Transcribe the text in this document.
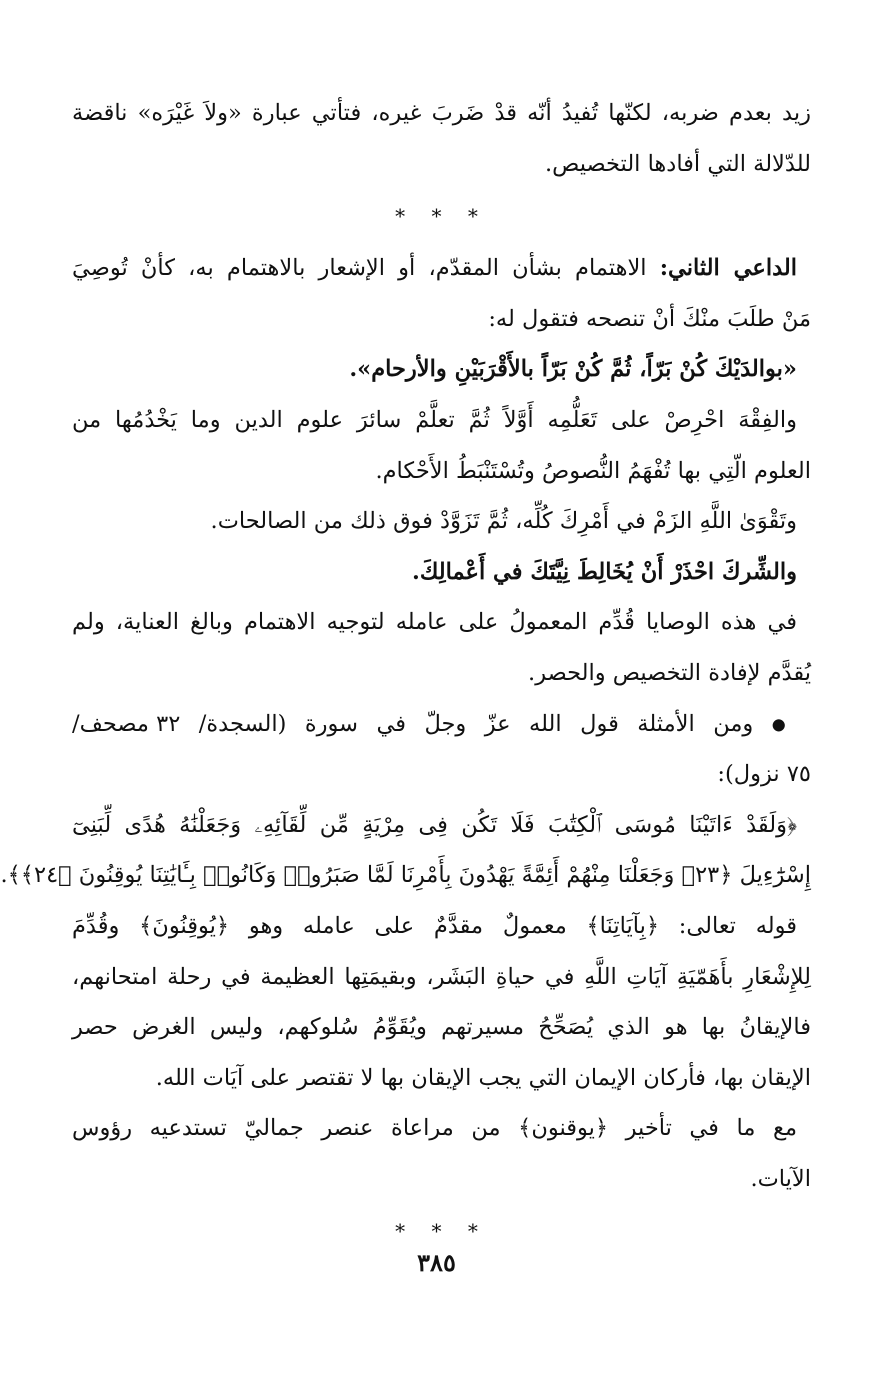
زيد بعدم ضربه، لكنّها تُفيدُ أنّه قدْ ضَربَ غيره، فتأتي عبارة «ولاَ غَيْرَه» ناقضة
للدّلالة التي أفادها التخصيص.
* * *
الداعي الثاني: الاهتمام بشأن المقدّم، أو الإشعار بالاهتمام به، كأنْ تُوصِيَ
مَنْ طلَبَ منْكَ أنْ تنصحه فتقول له:
«بوالدَيْكَ كُنْ بَرّاً، ثُمَّ كُنْ بَرّاً بالأَقْرَبَيْنِ والأرحام».
والفِقْهَ احْرِصْ على تَعَلُّمِه أَوَّلاً ثُمَّ تعلَّمْ سائرَ علوم الدين وما يَخْدُمُها من
العلوم الّتِي بها تُفْهَمُ النُّصوصُ وتُسْتَنْبَطُ الأَحْكام.
وتَقْوَىٰ اللَّهِ الزَمْ في أَمْرِكَ كُلِّه، ثُمَّ تَزَوَّدْ فوق ذلك من الصالحات.
والشِّركَ احْذَرْ أَنْ يُخَالِطَ نِيَّتَكَ في أَعْمالِكَ.
في هذه الوصايا قُدِّم المعمولُ على عامله لتوجيه الاهتمام وبالغ العناية، ولم
يُقدَّم لإفادة التخصيص والحصر.
● ومن الأمثلة قول الله عزّ وجلّ في سورة (السجدة/ ٣٢ مصحف/
٧٥ نزول):
﴿وَلَقَدْ ءَاتَيْنَا مُوسَى ٱلْكِتَٰبَ فَلَا تَكُن فِى مِرْيَةٍ مِّن لِّقَآئِهِۦ وَجَعَلْنَٰهُ هُدًى لِّبَنِىٓ
إِسْرَٰٓءِيلَ ﴿٢٣﴾ وَجَعَلْنَا مِنْهُمْ أَئِمَّةً يَهْدُونَ بِأَمْرِنَا لَمَّا صَبَرُوا۟ وَكَانُوا۟ بِـَٔايَٰتِنَا يُوقِنُونَ ﴿٢٤﴾﴾.
قوله تعالى: ﴿بِآيَاتِنَا﴾ معمولٌ مقدَّمٌ على عامله وهو ﴿يُوقِنُونَ﴾ وقُدِّمَ
لِلإِشْعَارِ بأَهَمّيَةِ آيَاتِ اللَّهِ في حياةِ البَشَر، وبقيمَتِها العظيمة في رحلة امتحانهم،
فالإيقانُ بها هو الذي يُصَحِّحُ مسيرتهم ويُقَوِّمُ سُلوكهم، وليس الغرض حصر
الإيقان بها، فأركان الإيمان التي يجب الإيقان بها لا تقتصر على آيَات الله.
مع ما في تأخير ﴿يوقنون﴾ من مراعاة عنصر جماليّ تستدعيه رؤوس
الآيات.
* * *
٣٨٥
